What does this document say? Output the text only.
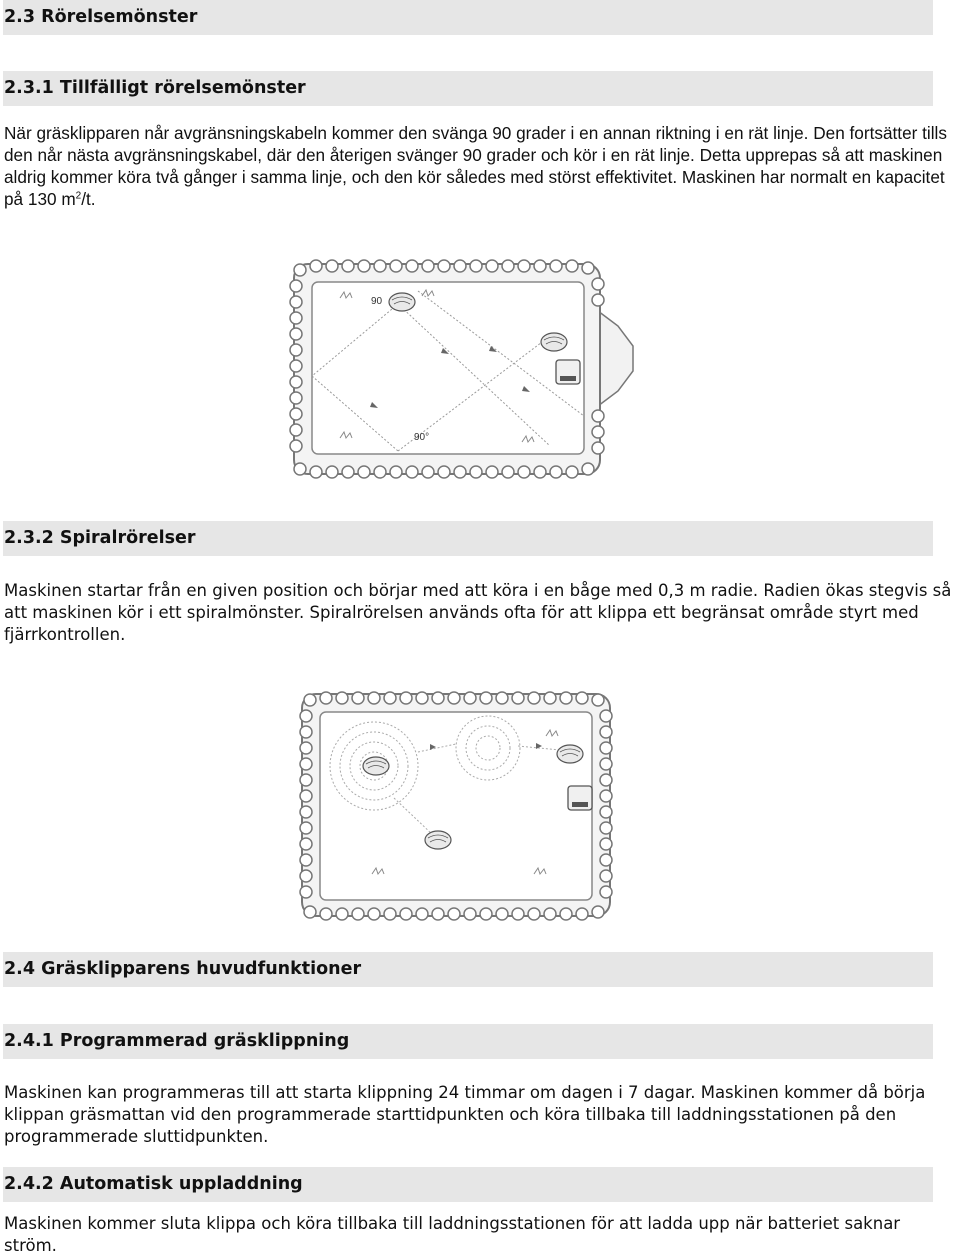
2.3 Rörelsemönster
2.3.1 Tillfälligt rörelsemönster
När gräsklipparen når avgränsningskabeln kommer den svänga 90 grader i en annan riktning i en rät linje. Den fortsätter tills den når nästa avgränsningskabel, där den återigen svänger 90 grader och kör i en rät linje. Detta upprepas så att maskinen aldrig kommer köra två gånger i samma linje, och den kör således med störst effektivitet. Maskinen har normalt en kapacitet på 130 $m^2/t$.
90
90°
2.3.2 Spiralrörelser
Maskinen startar från en given position och börjar med att köra i en båge med 0,3 m radie. Radien ökas stegvis så att maskinen kör i ett spiralmönster. Spiralrörelsen används ofta för att klippa ett begränsat område styrt med fjärrkontrollen.
2.4 Gräsklipparens huvudfunktioner
2.4.1 Programmerad gräsklippning
Maskinen kan programmeras till att starta klippning 24 timmar om dagen i 7 dagar. Maskinen kommer då börja klippan gräsmattan vid den programmerade starttidpunkten och köra tillbaka till laddningsstationen på den programmerade sluttidpunkten.
2.4.2 Automatisk uppladdning
Maskinen kommer sluta klippa och köra tillbaka till laddningsstationen för att ladda upp när batteriet saknar ström.
